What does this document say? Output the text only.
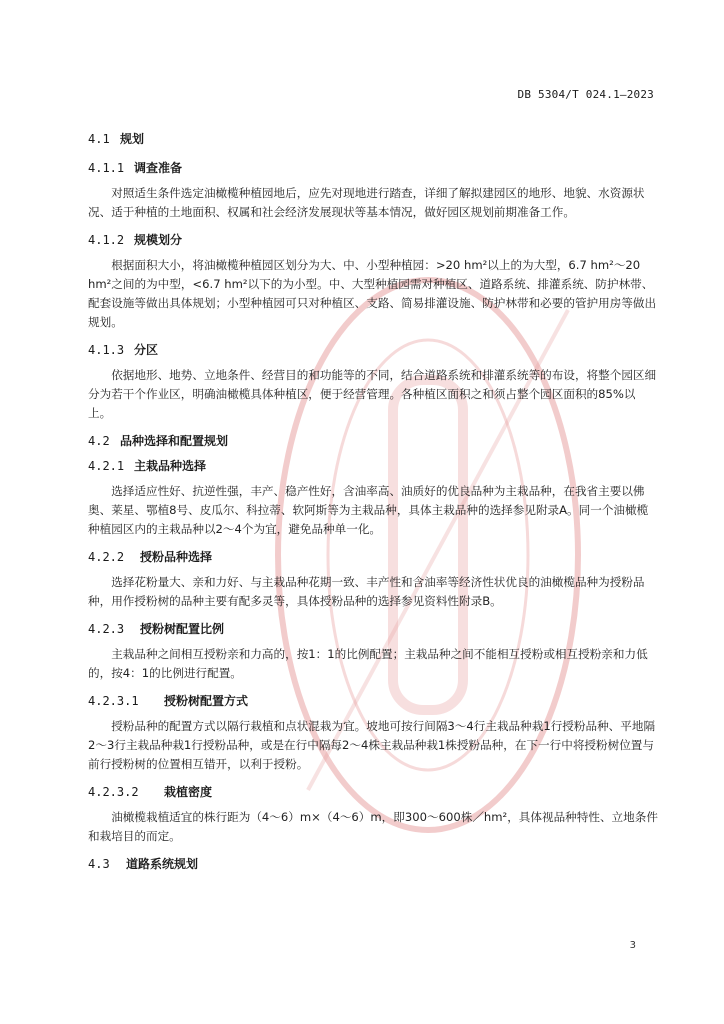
DB 5304/T 024.1—2023

4.1 规划

4.1.1 调查准备

对照适生条件选定油橄榄种植园地后，应先对现地进行踏查，详细了解拟建园区的地形、地貌、水资源状况、适于种植的土地面积、权属和社会经济发展现状等基本情况，做好园区规划前期准备工作。

4.1.2 规模划分

根据面积大小，将油橄榄种植园区划分为大、中、小型种植园：>20 hm²以上的为大型，6.7 hm²～20 hm²之间的为中型，<6.7 hm²以下的为小型。中、大型种植园需对种植区、道路系统、排灌系统、防护林带、配套设施等做出具体规划；小型种植园可只对种植区、支路、简易排灌设施、防护林带和必要的管护用房等做出规划。

4.1.3 分区

依据地形、地势、立地条件、经营目的和功能等的不同，结合道路系统和排灌系统等的布设，将整个园区细分为若干个作业区，明确油橄榄具体种植区，便于经营管理。各种植区面积之和须占整个园区面积的85%以上。

4.2 品种选择和配置规划

4.2.1 主栽品种选择

选择适应性好、抗逆性强，丰产、稳产性好，含油率高、油质好的优良品种为主栽品种，在我省主要以佛奥、莱星、鄂植8号、皮瓜尔、科拉蒂、软阿斯等为主栽品种，具体主栽品种的选择参见附录A。同一个油橄榄种植园区内的主栽品种以2～4个为宜，避免品种单一化。

4.2.2 授粉品种选择

选择花粉量大、亲和力好、与主栽品种花期一致、丰产性和含油率等经济性状优良的油橄榄品种为授粉品种，用作授粉树的品种主要有配多灵等，具体授粉品种的选择参见资料性附录B。

4.2.3 授粉树配置比例

主栽品种之间相互授粉亲和力高的，按1：1的比例配置；主栽品种之间不能相互授粉或相互授粉亲和力低的，按4：1的比例进行配置。

4.2.3.1 授粉树配置方式

授粉品种的配置方式以隔行栽植和点状混栽为宜。坡地可按行间隔3～4行主栽品种栽1行授粉品种、平地隔2～3行主栽品种栽1行授粉品种，或是在行中隔每2～4株主栽品种栽1株授粉品种，在下一行中将授粉树位置与前行授粉树的位置相互错开，以利于授粉。

4.2.3.2 栽植密度

油橄榄栽植适宜的株行距为（4～6）m×（4～6）m，即300～600株／hm²，具体视品种特性、立地条件和栽培目的而定。

4.3 道路系统规划

3
